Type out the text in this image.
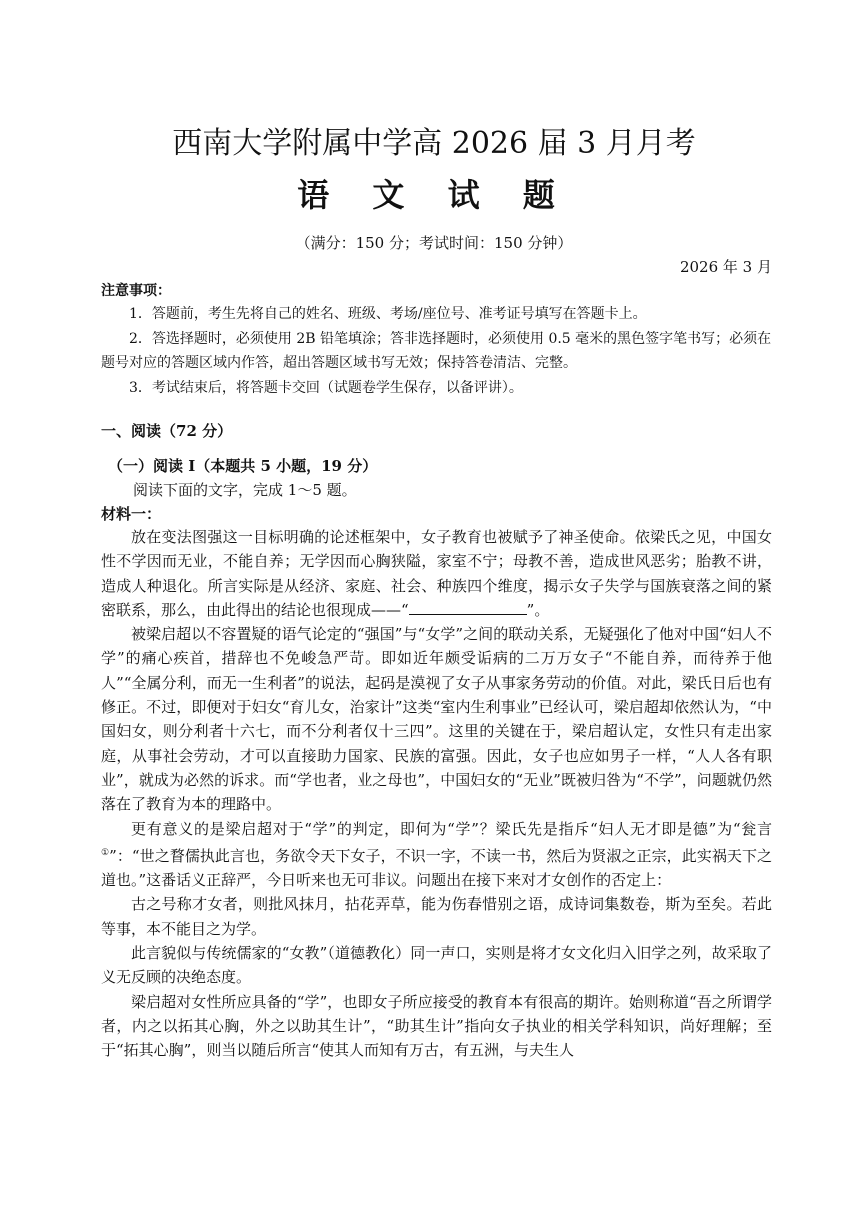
西南大学附属中学高 2026 届 3 月月考
语 文 试 题
（满分：150 分；考试时间：150 分钟）
2026 年 3 月
注意事项：

1．答题前，考生先将自己的姓名、班级、考场/座位号、准考证号填写在答题卡上。

2．答选择题时，必须使用 2B 铅笔填涂；答非选择题时，必须使用 0.5 毫米的黑色签字笔书写；必须在题号对应的答题区域内作答，超出答题区域书写无效；保持答卷清洁、完整。

3．考试结束后，将答题卡交回（试题卷学生保存，以备评讲）。

一、阅读（72 分）
（一）阅读 I（本题共 5 小题，19 分）
阅读下面的文字，完成 1～5 题。
材料一：

放在变法图强这一目标明确的论述框架中，女子教育也被赋予了神圣使命。依梁氏之见，中国女性不学因而无业，不能自养；无学因而心胸狭隘，家室不宁；母教不善，造成世风恶劣；胎教不讲，造成人种退化。所言实际是从经济、家庭、社会、种族四个维度，揭示女子失学与国族衰落之间的紧密联系，那么，由此得出的结论也很现成——“	”。

被梁启超以不容置疑的语气论定的“强国”与“女学”之间的联动关系，无疑强化了他对中国“妇人不学”的痛心疾首，措辞也不免峻急严苛。即如近年颇受诟病的二万万女子“不能自养，而待养于他人”“全属分利，而无一生利者”的说法，起码是漠视了女子从事家务劳动的价值。对此，梁氏日后也有修正。不过，即便对于妇女“育儿女，治家计”这类“室内生利事业”已经认可，梁启超却依然认为，“中国妇女，则分利者十六七，而不分利者仅十三四”。这里的关键在于，梁启超认定，女性只有走出家庭，从事社会劳动，才可以直接助力国家、民族的富强。因此，女子也应如男子一样，“人人各有职业”，就成为必然的诉求。而“学也者，业之母也”，中国妇女的“无业”既被归咎为“不学”，问题就仍然落在了教育为本的理路中。

更有意义的是梁启超对于“学”的判定，即何为“学”？梁氏先是指斥“妇人无才即是德”为“瓮言①”：“世之瞀儒执此言也，务欲令天下女子，不识一字，不读一书，然后为贤淑之正宗，此实祸天下之道也。”这番话义正辞严，今日听来也无可非议。问题出在接下来对才女创作的否定上：

古之号称才女者，则批风抹月，拈花弄草，能为伤春惜别之语，成诗词集数卷，斯为至矣。若此等事，本不能目之为学。

此言貌似与传统儒家的“女教”（道德教化）同一声口，实则是将才女文化归入旧学之列，故采取了义无反顾的决绝态度。

梁启超对女性所应具备的“学”，也即女子所应接受的教育本有很高的期许。始则称道“吾之所谓学者，内之以拓其心胸，外之以助其生计”，“助其生计”指向女子执业的相关学科知识，尚好理解；至于“拓其心胸”，则当以随后所言“使其人而知有万古，有五洲，与夫生人
